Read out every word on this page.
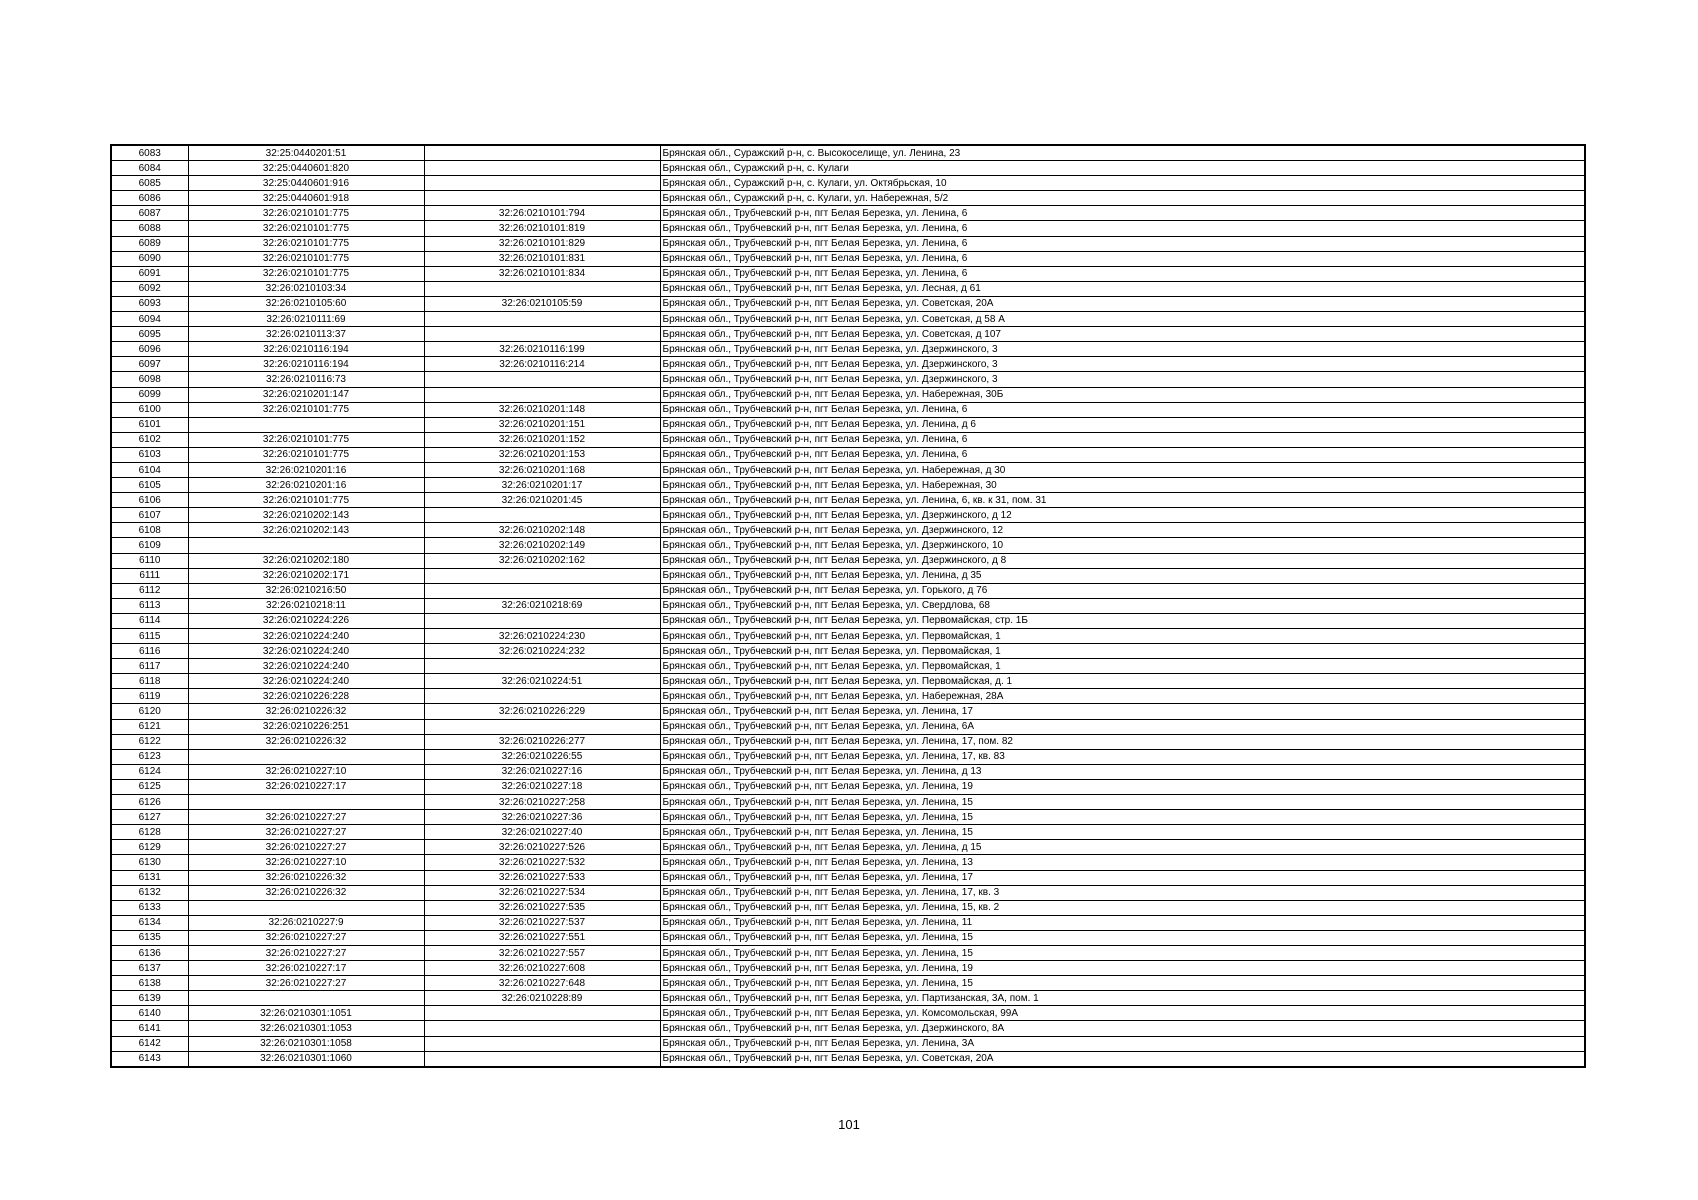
6083	32:25:0440201:51		Брянская обл., Суражский р-н, с. Высокоселище, ул. Ленина, 23
6084	32:25:0440601:820		Брянская обл., Суражский р-н, с. Кулаги
6085	32:25:0440601:916		Брянская обл., Суражский р-н, с. Кулаги, ул. Октябрьская, 10
6086	32:25:0440601:918		Брянская обл., Суражский р-н, с. Кулаги, ул. Набережная, 5/2
6087	32:26:0210101:775	32:26:0210101:794	Брянская обл., Трубчевский р-н, пгт Белая Березка, ул. Ленина, 6
6088	32:26:0210101:775	32:26:0210101:819	Брянская обл., Трубчевский р-н, пгт Белая Березка, ул. Ленина, 6
6089	32:26:0210101:775	32:26:0210101:829	Брянская обл., Трубчевский р-н, пгт Белая Березка, ул. Ленина, 6
6090	32:26:0210101:775	32:26:0210101:831	Брянская обл., Трубчевский р-н, пгт Белая Березка, ул. Ленина, 6
6091	32:26:0210101:775	32:26:0210101:834	Брянская обл., Трубчевский р-н, пгт Белая Березка, ул. Ленина, 6
6092	32:26:0210103:34		Брянская обл., Трубчевский р-н, пгт Белая Березка, ул. Лесная, д 61
6093	32:26:0210105:60	32:26:0210105:59	Брянская обл., Трубчевский р-н, пгт Белая Березка, ул. Советская, 20А
6094	32:26:0210111:69		Брянская обл., Трубчевский р-н, пгт Белая Березка, ул. Советская, д 58 А
6095	32:26:0210113:37		Брянская обл., Трубчевский р-н, пгт Белая Березка, ул. Советская, д 107
6096	32:26:0210116:194	32:26:0210116:199	Брянская обл., Трубчевский р-н, пгт Белая Березка, ул. Дзержинского, 3
6097	32:26:0210116:194	32:26:0210116:214	Брянская обл., Трубчевский р-н, пгт Белая Березка, ул. Дзержинского, 3
6098	32:26:0210116:73		Брянская обл., Трубчевский р-н, пгт Белая Березка, ул. Дзержинского, 3
6099	32:26:0210201:147		Брянская обл., Трубчевский р-н, пгт Белая Березка, ул. Набережная, 30Б
6100	32:26:0210101:775	32:26:0210201:148	Брянская обл., Трубчевский р-н, пгт Белая Березка, ул. Ленина, 6
6101		32:26:0210201:151	Брянская обл., Трубчевский р-н, пгт Белая Березка, ул. Ленина, д 6
6102	32:26:0210101:775	32:26:0210201:152	Брянская обл., Трубчевский р-н, пгт Белая Березка, ул. Ленина, 6
6103	32:26:0210101:775	32:26:0210201:153	Брянская обл., Трубчевский р-н, пгт Белая Березка, ул. Ленина, 6
6104	32:26:0210201:16	32:26:0210201:168	Брянская обл., Трубчевский р-н, пгт Белая Березка, ул. Набережная, д 30
6105	32:26:0210201:16	32:26:0210201:17	Брянская обл., Трубчевский р-н, пгт Белая Березка, ул. Набережная, 30
6106	32:26:0210101:775	32:26:0210201:45	Брянская обл., Трубчевский р-н, пгт Белая Березка, ул. Ленина, 6, кв. к 31, пом. 31
6107	32:26:0210202:143		Брянская обл., Трубчевский р-н, пгт Белая Березка, ул. Дзержинского, д 12
6108	32:26:0210202:143	32:26:0210202:148	Брянская обл., Трубчевский р-н, пгт Белая Березка, ул. Дзержинского, 12
6109		32:26:0210202:149	Брянская обл., Трубчевский р-н, пгт Белая Березка, ул. Дзержинского, 10
6110	32:26:0210202:180	32:26:0210202:162	Брянская обл., Трубчевский р-н, пгт Белая Березка, ул. Дзержинского, д 8
6111	32:26:0210202:171		Брянская обл., Трубчевский р-н, пгт Белая Березка, ул. Ленина, д 35
6112	32:26:0210216:50		Брянская обл., Трубчевский р-н, пгт Белая Березка, ул. Горького, д 76
6113	32:26:0210218:11	32:26:0210218:69	Брянская обл., Трубчевский р-н, пгт Белая Березка, ул. Свердлова, 68
6114	32:26:0210224:226		Брянская обл., Трубчевский р-н, пгт Белая Березка, ул. Первомайская, стр. 1Б
6115	32:26:0210224:240	32:26:0210224:230	Брянская обл., Трубчевский р-н, пгт Белая Березка, ул. Первомайская, 1
6116	32:26:0210224:240	32:26:0210224:232	Брянская обл., Трубчевский р-н, пгт Белая Березка, ул. Первомайская, 1
6117	32:26:0210224:240		Брянская обл., Трубчевский р-н, пгт Белая Березка, ул. Первомайская, 1
6118	32:26:0210224:240	32:26:0210224:51	Брянская обл., Трубчевский р-н, пгт Белая Березка, ул. Первомайская, д. 1
6119	32:26:0210226:228		Брянская обл., Трубчевский р-н, пгт Белая Березка, ул. Набережная, 28А
6120	32:26:0210226:32	32:26:0210226:229	Брянская обл., Трубчевский р-н, пгт Белая Березка, ул. Ленина, 17
6121	32:26:0210226:251		Брянская обл., Трубчевский р-н, пгт Белая Березка, ул. Ленина, 6А
6122	32:26:0210226:32	32:26:0210226:277	Брянская обл., Трубчевский р-н, пгт Белая Березка, ул. Ленина, 17, пом. 82
6123		32:26:0210226:55	Брянская обл., Трубчевский р-н, пгт Белая Березка, ул. Ленина, 17, кв. 83
6124	32:26:0210227:10	32:26:0210227:16	Брянская обл., Трубчевский р-н, пгт Белая Березка, ул. Ленина, д 13
6125	32:26:0210227:17	32:26:0210227:18	Брянская обл., Трубчевский р-н, пгт Белая Березка, ул. Ленина, 19
6126		32:26:0210227:258	Брянская обл., Трубчевский р-н, пгт Белая Березка, ул. Ленина, 15
6127	32:26:0210227:27	32:26:0210227:36	Брянская обл., Трубчевский р-н, пгт Белая Березка, ул. Ленина, 15
6128	32:26:0210227:27	32:26:0210227:40	Брянская обл., Трубчевский р-н, пгт Белая Березка, ул. Ленина, 15
6129	32:26:0210227:27	32:26:0210227:526	Брянская обл., Трубчевский р-н, пгт Белая Березка, ул. Ленина, д 15
6130	32:26:0210227:10	32:26:0210227:532	Брянская обл., Трубчевский р-н, пгт Белая Березка, ул. Ленина, 13
6131	32:26:0210226:32	32:26:0210227:533	Брянская обл., Трубчевский р-н, пгт Белая Березка, ул. Ленина, 17
6132	32:26:0210226:32	32:26:0210227:534	Брянская обл., Трубчевский р-н, пгт Белая Березка, ул. Ленина, 17, кв. 3
6133		32:26:0210227:535	Брянская обл., Трубчевский р-н, пгт Белая Березка, ул. Ленина, 15, кв. 2
6134	32:26:0210227:9	32:26:0210227:537	Брянская обл., Трубчевский р-н, пгт Белая Березка, ул. Ленина, 11
6135	32:26:0210227:27	32:26:0210227:551	Брянская обл., Трубчевский р-н, пгт Белая Березка, ул. Ленина, 15
6136	32:26:0210227:27	32:26:0210227:557	Брянская обл., Трубчевский р-н, пгт Белая Березка, ул. Ленина, 15
6137	32:26:0210227:17	32:26:0210227:608	Брянская обл., Трубчевский р-н, пгт Белая Березка, ул. Ленина, 19
6138	32:26:0210227:27	32:26:0210227:648	Брянская обл., Трубчевский р-н, пгт Белая Березка, ул. Ленина, 15
6139		32:26:0210228:89	Брянская обл., Трубчевский р-н, пгт Белая Березка, ул. Партизанская, 3А, пом. 1
6140	32:26:0210301:1051		Брянская обл., Трубчевский р-н, пгт Белая Березка, ул. Комсомольская, 99А
6141	32:26:0210301:1053		Брянская обл., Трубчевский р-н, пгт Белая Березка, ул. Дзержинского, 8А
6142	32:26:0210301:1058		Брянская обл., Трубчевский р-н, пгт Белая Березка, ул. Ленина, 3А
6143	32:26:0210301:1060		Брянская обл., Трубчевский р-н, пгт Белая Березка, ул. Советская, 20А
101
